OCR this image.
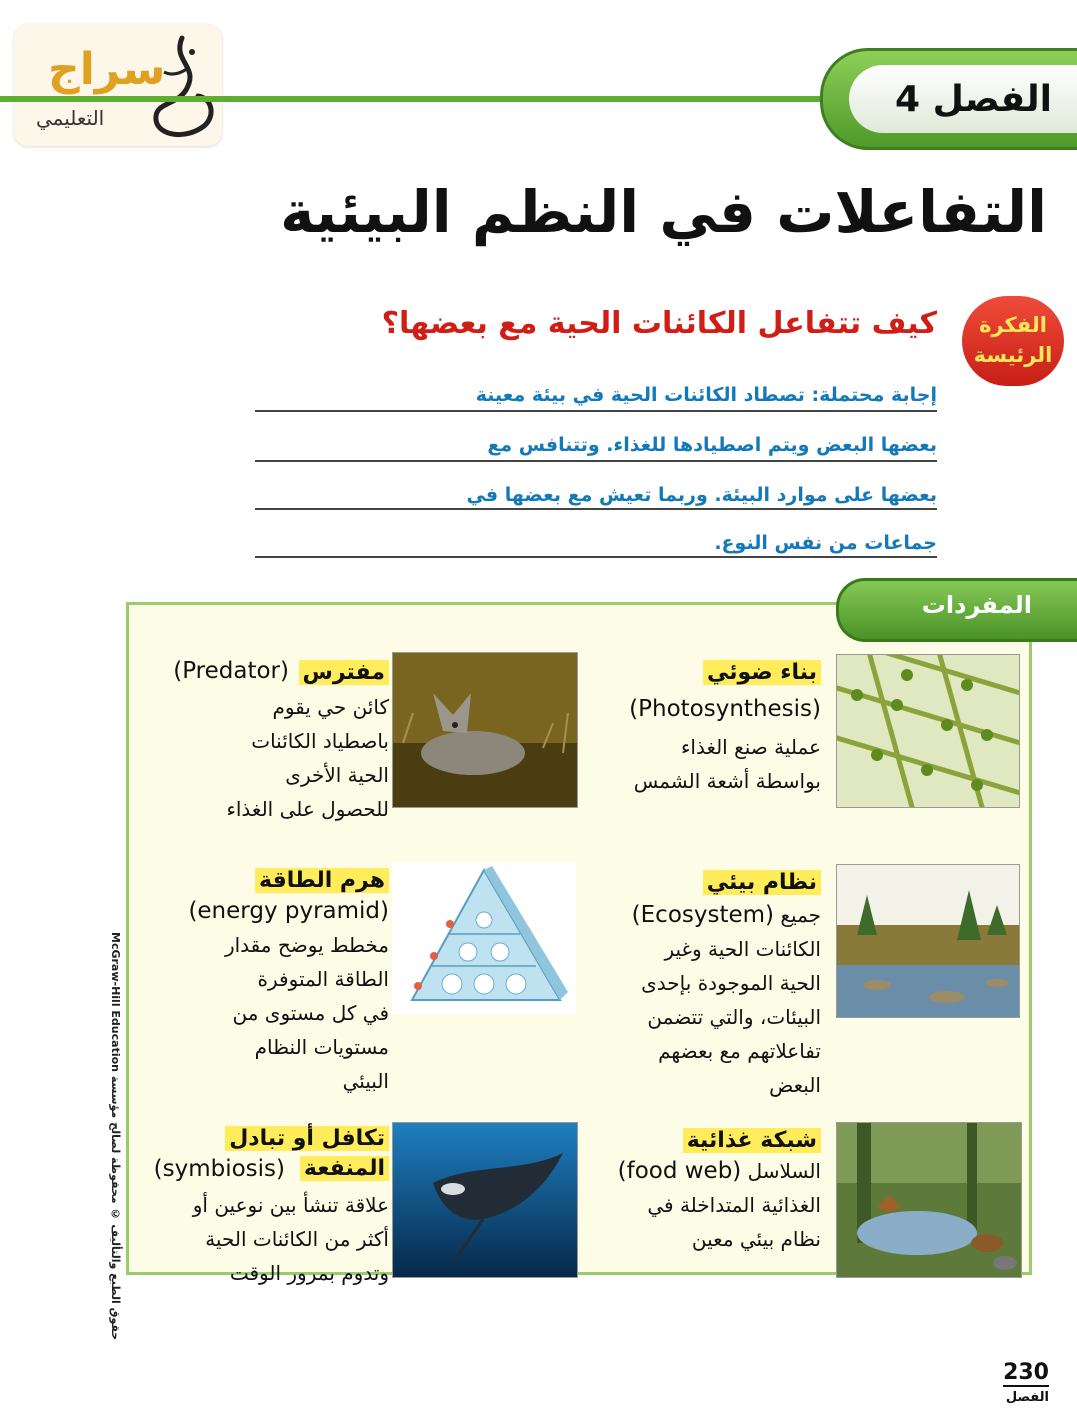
سراج
التعليمي	الفصل 4
التفاعلات في النظم البيئية
الفكرة
الرئيسة
كيف تتفاعل الكائنات الحية مع بعضها؟
إجابة محتملة: تصطاد الكائنات الحية في بيئة معينة
بعضها البعض ويتم اصطيادها للغذاء. وتتنافس مع
بعضها على موارد البيئة. وربما تعيش مع بعضها في
جماعات من نفس النوع.
المفردات
بناء ضوئي
(Photosynthesis)
عملية صنع الغذاء
بواسطة أشعة الشمس
مفترس
(Predator)
كائن حي يقوم
باصطياد الكائنات
الحية الأخرى
للحصول على الغذاء
نظام بيئي
جميع (Ecosystem)
الكائنات الحية وغير
الحية الموجودة بإحدى
البيئات، والتي تتضمن
تفاعلاتهم مع بعضهم
البعض
هرم الطاقة
(energy pyramid)
مخطط يوضح مقدار
الطاقة المتوفرة
في كل مستوى من
مستويات النظام
البيئي
شبكة غذائية
السلاسل (food web)
الغذائية المتداخلة في
نظام بيئي معين
تكافل أو تبادل
المنفعة
(symbiosis)
علاقة تنشأ بين نوعين أو
أكثر من الكائنات الحية
وتدوم بمرور الوقت
حقوق الطبع والتأليف © محفوظة لصالح مؤسسة McGraw-Hill Education
230
الفصل
